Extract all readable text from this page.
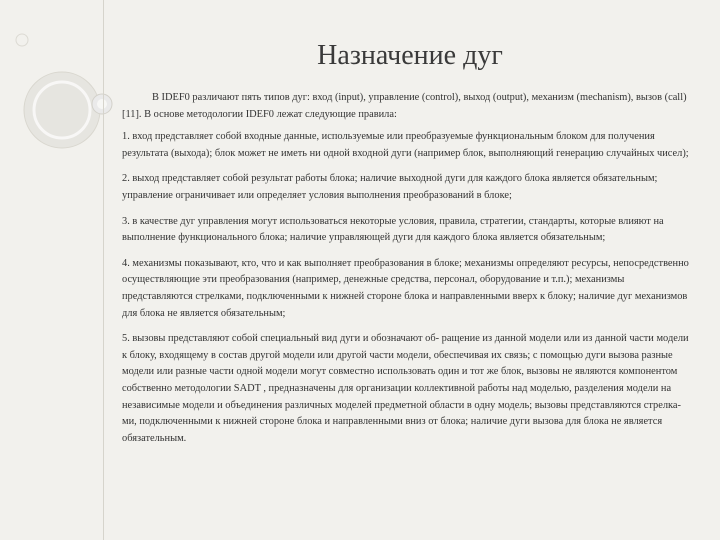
Назначение дуг

В IDEF0 различают пять типов дуг: вход (input), управление (control), выход (output), механизм (mechanism), вызов (call) [11]. В основе методологии IDEF0 лежат следующие правила:

1. вход представляет собой входные данные, используемые или преобразуемые функциональным блоком для получения результата (выхода); блок может не иметь ни одной входной дуги (например блок, выполняющий генерацию случайных чисел);

2. выход представляет собой результат работы блока; наличие выходной дуги для каждого блока является обязательным; управление ограничивает или определяет условия выполнения преобразований в блоке;

3. в качестве дуг управления могут использоваться некоторые условия, правила, стратегии, стандарты, которые влияют на выполнение функционального блока; наличие управляющей дуги для каждого блока является обязательным;

4. механизмы показывают, кто, что и как выполняет преобразования в блоке; механизмы определяют ресурсы, непосредственно осуществляющие эти преобразования (например, денежные средства, персонал, оборудование и т.п.); механизмы представляются стрелками, подключенными к нижней стороне блока и направленными вверх к блоку; наличие дуг механизмов для блока не является обязательным;

5. вызовы представляют собой специальный вид дуги и обозначают об- ращение из данной модели или из данной части модели к блоку, входящему в состав другой модели или другой части модели, обеспечивая их связь; с помощью дуги вызова разные модели или разные части одной модели могут совместно использовать один и тот же блок, вызовы не являются компонентом собственно методологии SADT , предназначены для организации коллективной работы над моделью, разделения модели на независимые модели и объединения различных моделей предметной области в одну модель; вызовы представляются стрелка- ми, подключенными к нижней стороне блока и направленными вниз от блока; наличие дуги вызова для блока не является обязательным.
